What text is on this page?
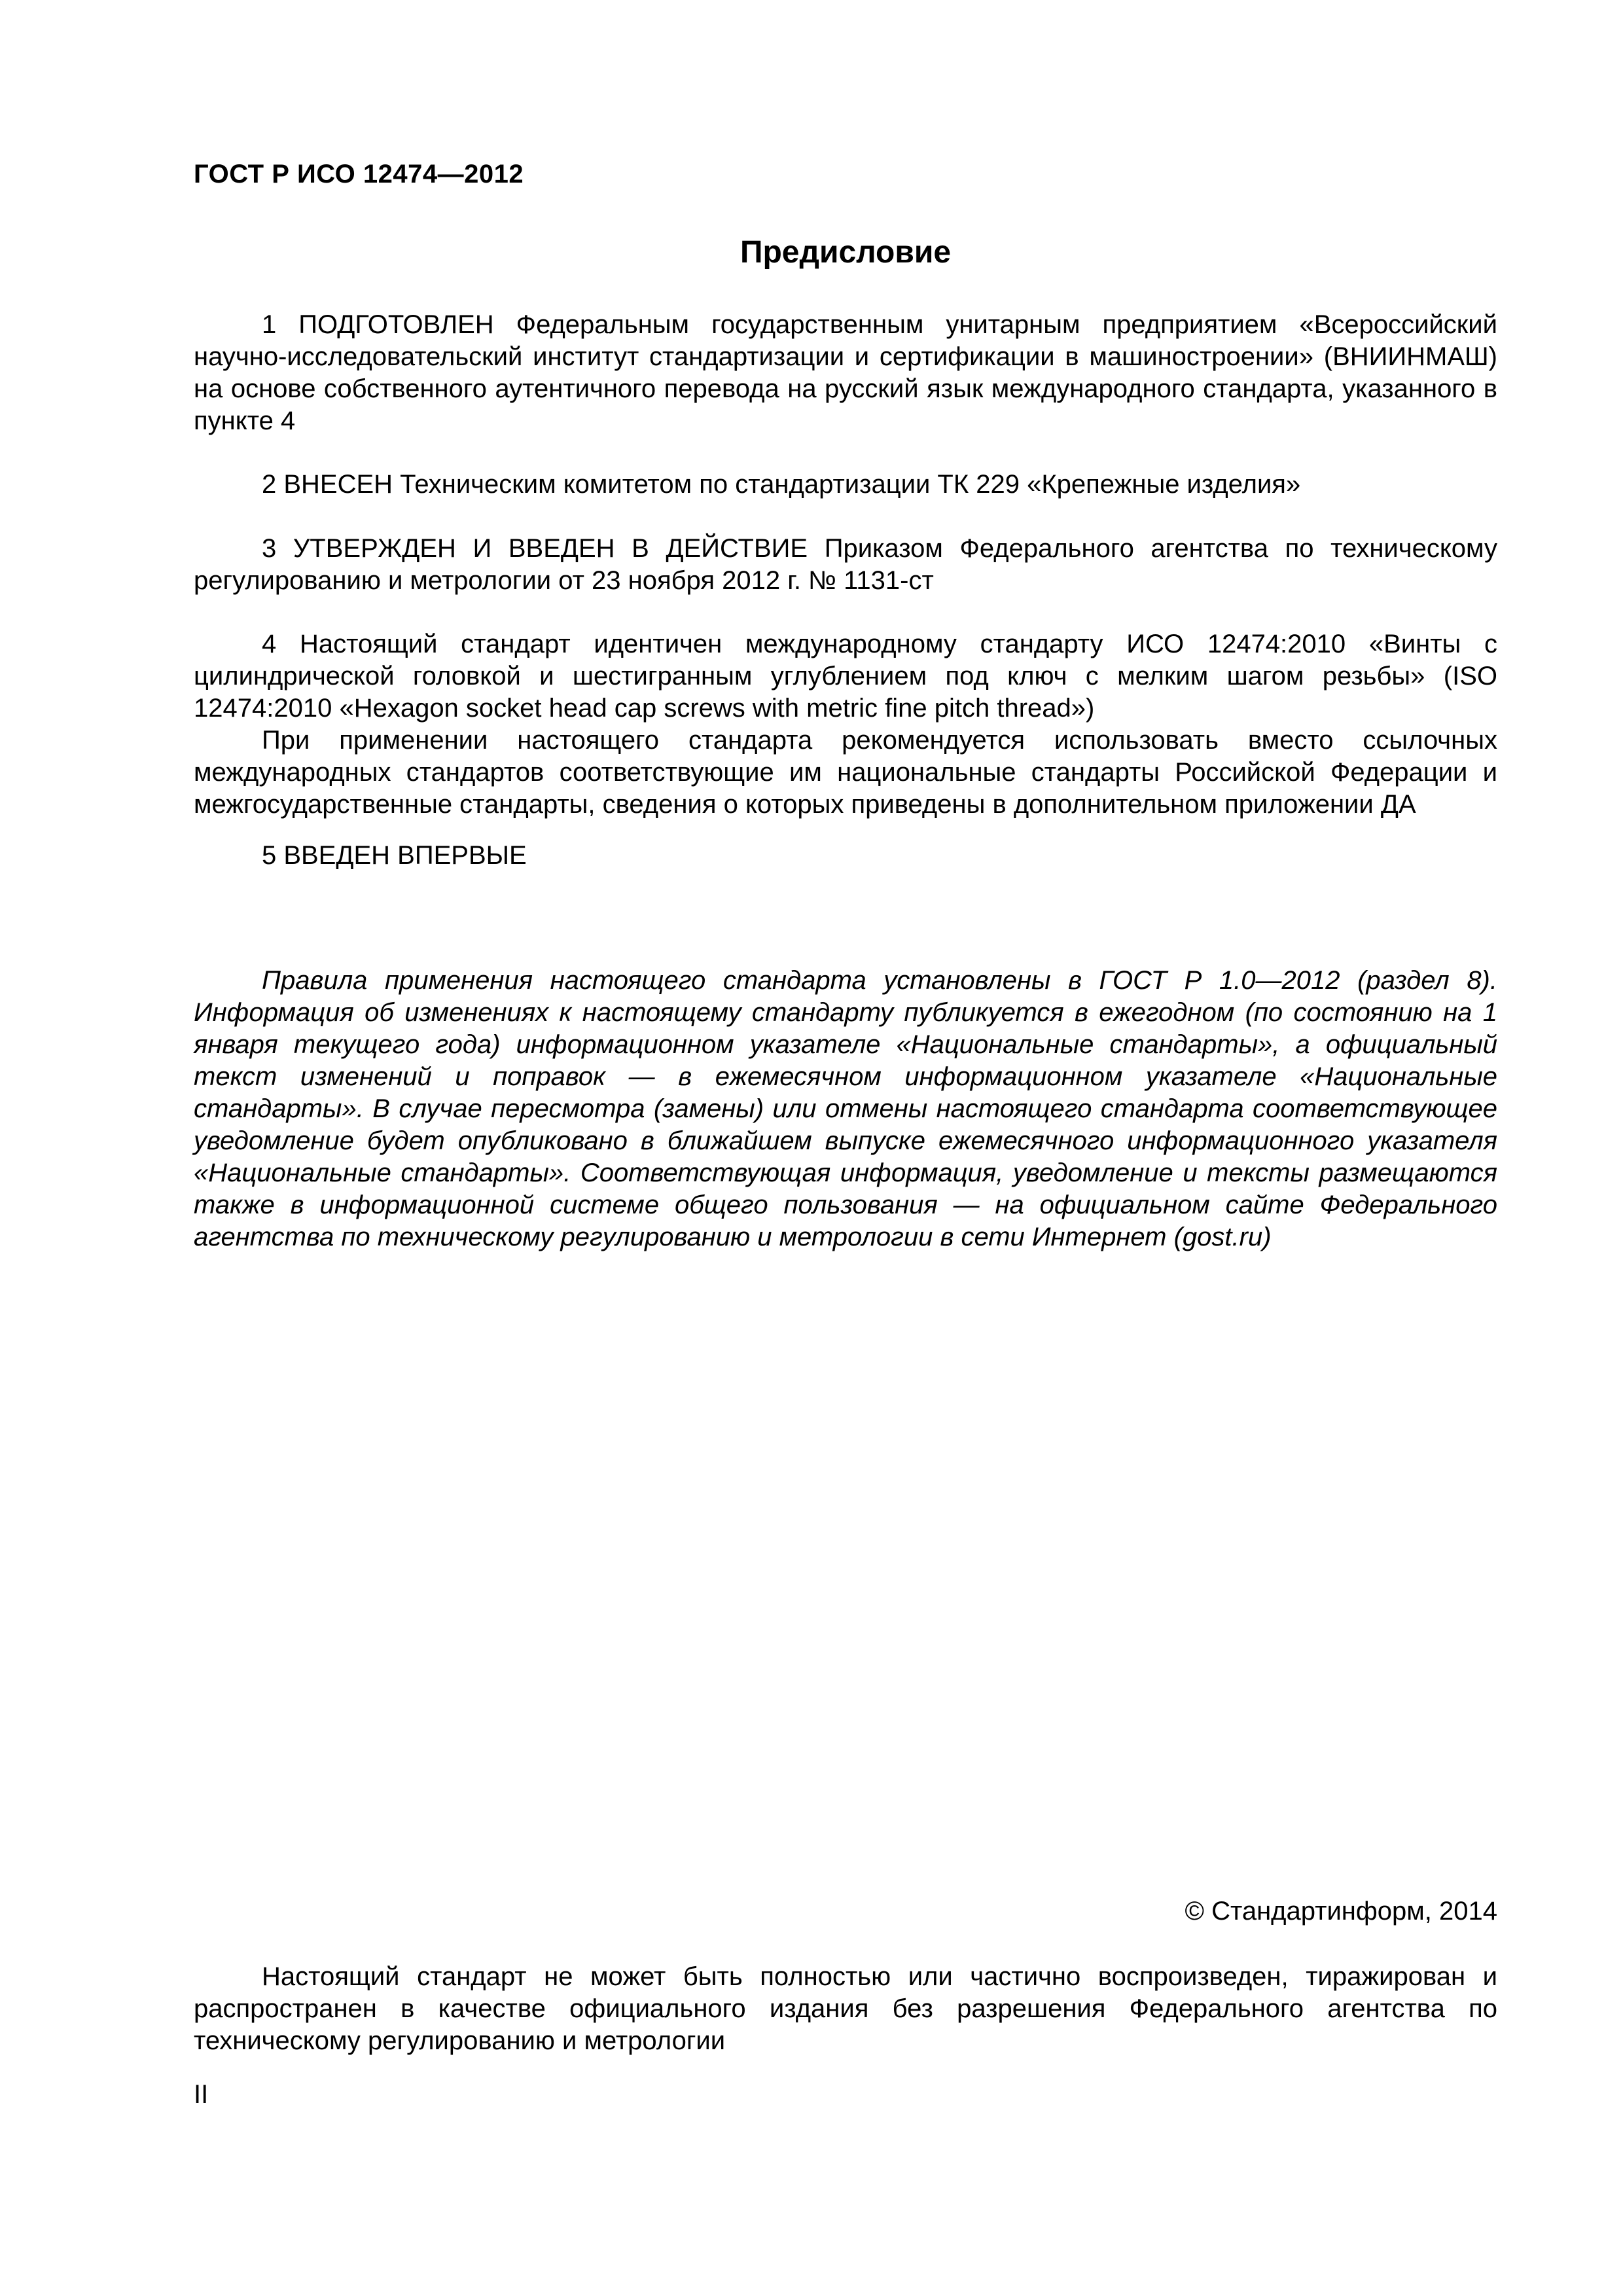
ГОСТ Р ИСО 12474—2012
Предисловие

1 ПОДГОТОВЛЕН Федеральным государственным унитарным предприятием «Всероссийский научно-исследовательский институт стандартизации и сертификации в машиностроении» (ВНИИНМАШ) на основе собственного аутентичного перевода на русский язык международного стандарта, указанного в пункте 4

2 ВНЕСЕН Техническим комитетом по стандартизации ТК 229 «Крепежные изделия»

3 УТВЕРЖДЕН И ВВЕДЕН В ДЕЙСТВИЕ Приказом Федерального агентства по техническому регулированию и метрологии от 23 ноября 2012 г. № 1131-ст

4 Настоящий стандарт идентичен международному стандарту ИСО 12474:2010 «Винты с цилиндрической головкой и шестигранным углублением под ключ с мелким шагом резьбы» (ISO 12474:2010 «Hexagon socket head cap screws with metric fine pitch thread»)

При применении настоящего стандарта рекомендуется использовать вместо ссылочных международных стандартов соответствующие им национальные стандарты Российской Федерации и межгосударственные стандарты, сведения о которых приведены в дополнительном приложении ДА

5 ВВЕДЕН ВПЕРВЫЕ

Правила применения настоящего стандарта установлены в ГОСТ Р 1.0—2012 (раздел 8). Информация об изменениях к настоящему стандарту публикуется в ежегодном (по состоянию на 1 января текущего года) информационном указателе «Национальные стандарты», а официальный текст изменений и поправок — в ежемесячном информационном указателе «Национальные стандарты». В случае пересмотра (замены) или отмены настоящего стандарта соответствующее уведомление будет опубликовано в ближайшем выпуске ежемесячного информационного указателя «Национальные стандарты». Соответствующая информация, уведомление и тексты размещаются также в информационной системе общего пользования — на официальном сайте Федерального агентства по техническому регулированию и метрологии в сети Интернет (gost.ru)

© Стандартинформ, 2014

Настоящий стандарт не может быть полностью или частично воспроизведен, тиражирован и распространен в качестве официального издания без разрешения Федерального агентства по техническому регулированию и метрологии

II
